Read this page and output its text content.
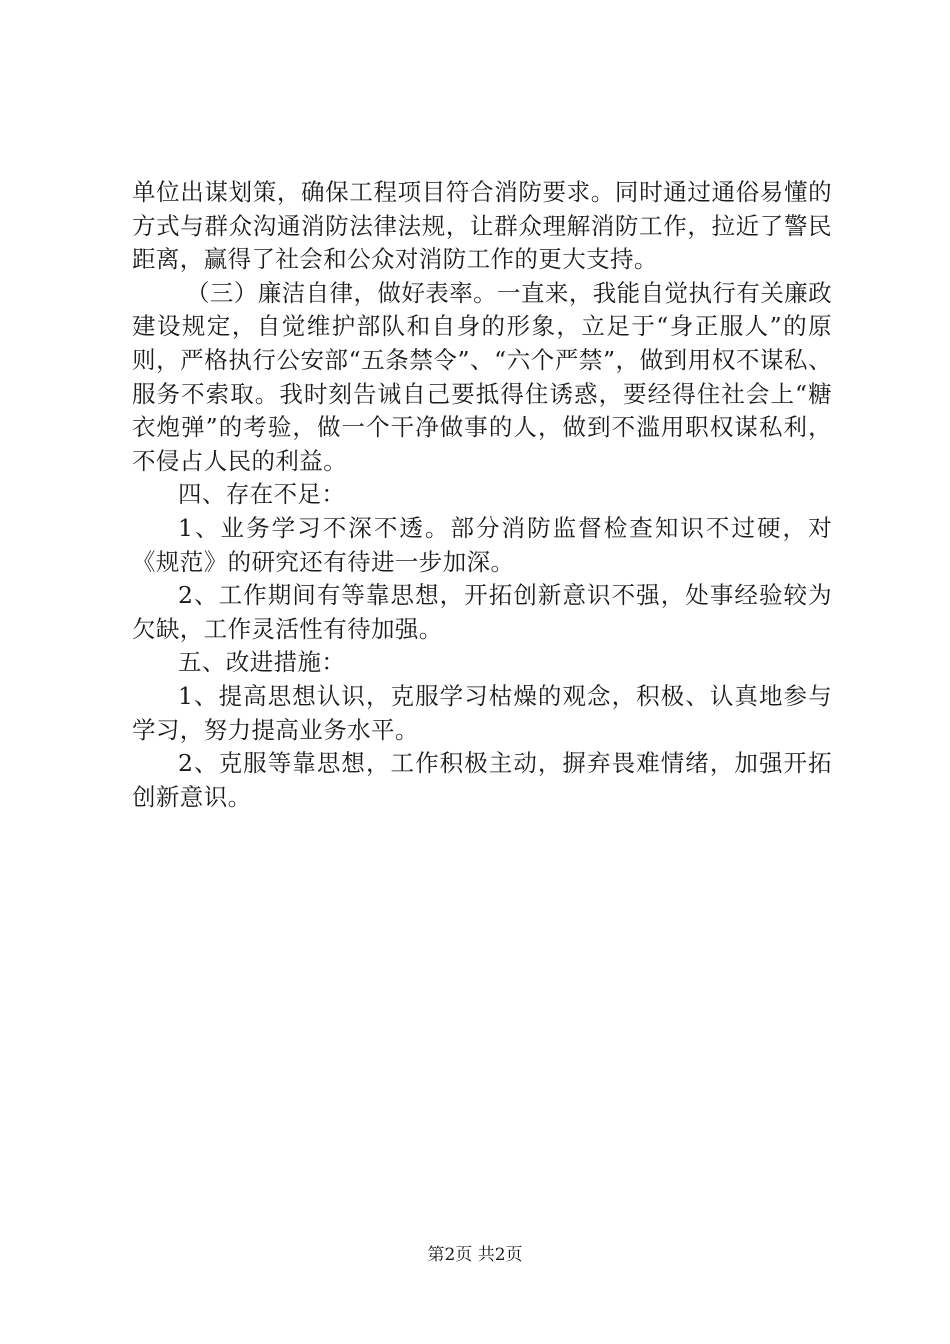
单位出谋划策，确保工程项目符合消防要求。同时通过通俗易懂的方式与群众沟通消防法律法规，让群众理解消防工作，拉近了警民距离，赢得了社会和公众对消防工作的更大支持。

（三）廉洁自律，做好表率。一直来，我能自觉执行有关廉政建设规定，自觉维护部队和自身的形象，立足于“身正服人”的原则，严格执行公安部“五条禁令”、“六个严禁”，做到用权不谋私、服务不索取。我时刻告诫自己要抵得住诱惑，要经得住社会上“糖衣炮弹”的考验，做一个干净做事的人，做到不滥用职权谋私利，不侵占人民的利益。

四、存在不足：

1、业务学习不深不透。部分消防监督检查知识不过硬，对《规范》的研究还有待进一步加深。

2、工作期间有等靠思想，开拓创新意识不强，处事经验较为欠缺，工作灵活性有待加强。

五、改进措施：

1、提高思想认识，克服学习枯燥的观念，积极、认真地参与学习，努力提高业务水平。

2、克服等靠思想，工作积极主动，摒弃畏难情绪，加强开拓创新意识。

第2页 共2页
